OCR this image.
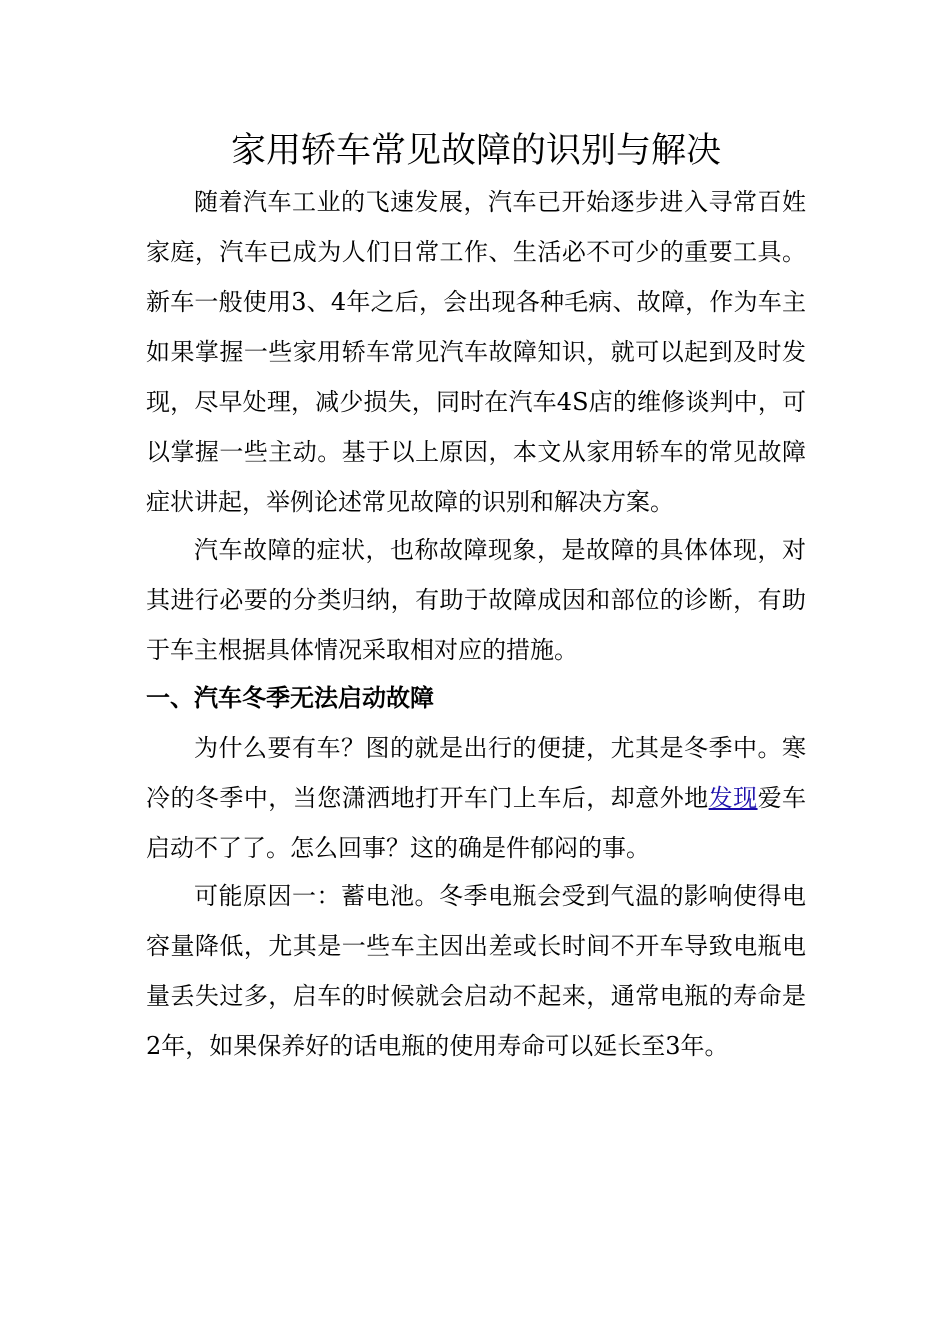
家用轿车常见故障的识别与解决

随着汽车工业的飞速发展，汽车已开始逐步进入寻常百姓家庭，汽车已成为人们日常工作、生活必不可少的重要工具。新车一般使用3、4年之后，会出现各种毛病、故障，作为车主如果掌握一些家用轿车常见汽车故障知识，就可以起到及时发现，尽早处理，减少损失，同时在汽车4S店的维修谈判中，可以掌握一些主动。基于以上原因，本文从家用轿车的常见故障症状讲起，举例论述常见故障的识别和解决方案。

汽车故障的症状，也称故障现象，是故障的具体体现，对其进行必要的分类归纳，有助于故障成因和部位的诊断，有助于车主根据具体情况采取相对应的措施。

一、汽车冬季无法启动故障

为什么要有车？图的就是出行的便捷，尤其是冬季中。寒冷的冬季中，当您潇洒地打开车门上车后，却意外地发现爱车启动不了了。怎么回事？这的确是件郁闷的事。

可能原因一：蓄电池。冬季电瓶会受到气温的影响使得电容量降低，尤其是一些车主因出差或长时间不开车导致电瓶电量丢失过多，启车的时候就会启动不起来，通常电瓶的寿命是2年，如果保养好的话电瓶的使用寿命可以延长至3年。
